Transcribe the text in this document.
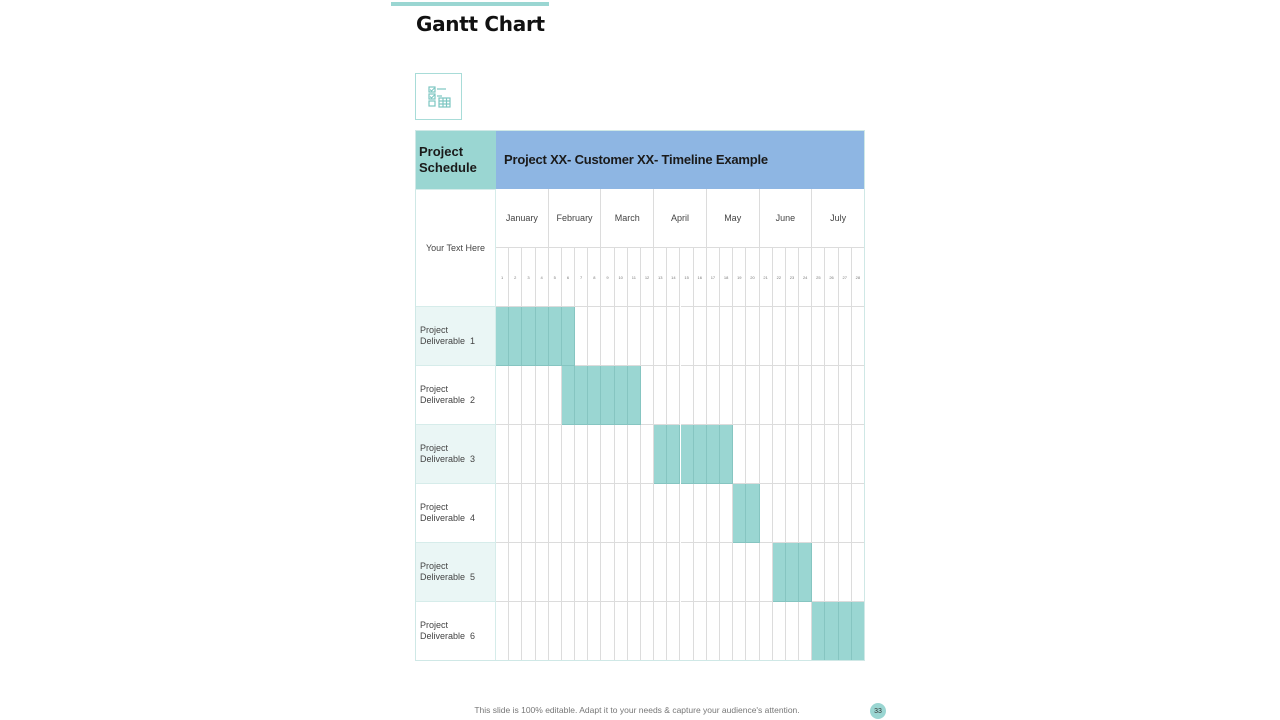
Gantt Chart
Project Schedule	Project XX- Customer XX- Timeline Example
Your Text Here
January	February	March	April	May	June	July
1	2	3	4	5	6	7	8	9	10	11	12	13	14	15	16	17	18	19	20	21	22	23	24	25	26	27	28
Project
Deliverable  1
Project
Deliverable  2
Project
Deliverable  3
Project
Deliverable  4
Project
Deliverable  5
Project
Deliverable  6
This slide is 100% editable. Adapt it to your needs & capture your audience's attention.	33
